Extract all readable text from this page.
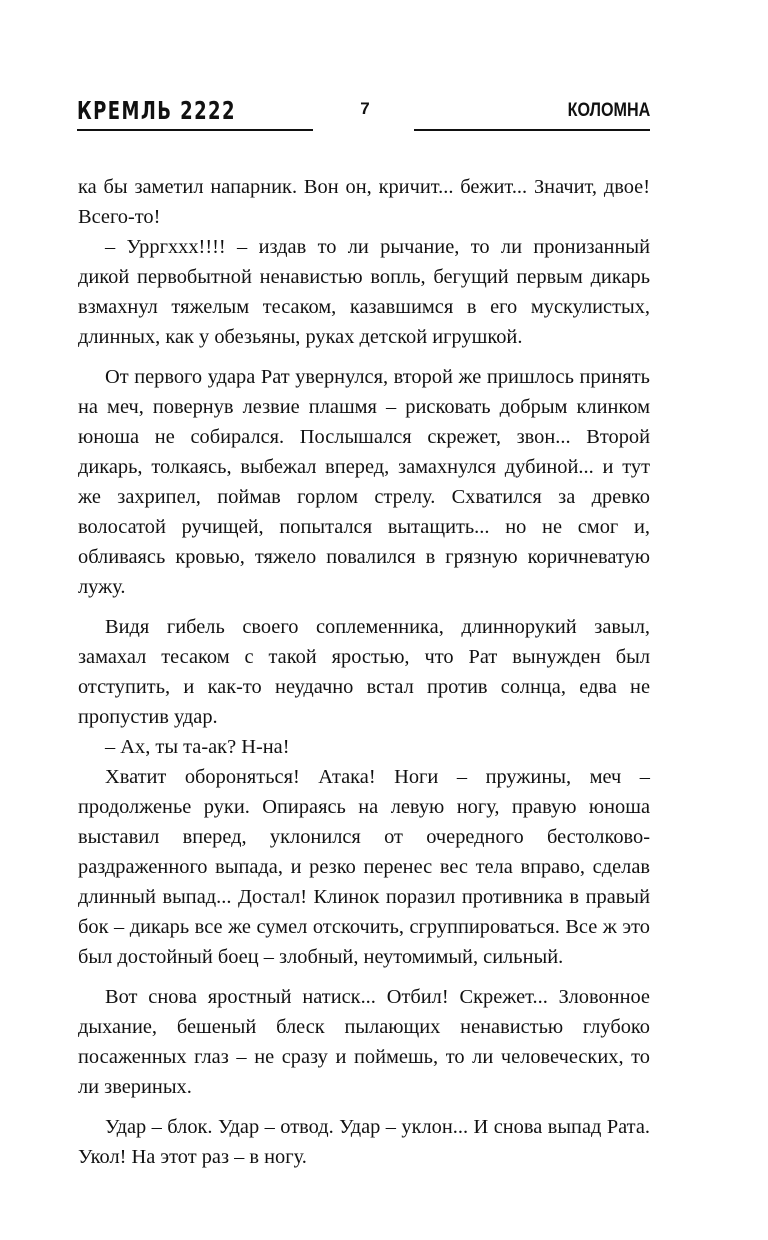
КРЕМЛЬ 2222	7	КОЛОМНА

ка бы заметил напарник. Вон он, кричит... бежит... Значит, двое! Всего-то!

– Урргххх!!!! – издав то ли рычание, то ли пронизанный дикой первобытной ненавистью вопль, бегущий первым дикарь взмахнул тяжелым тесаком, казавшимся в его мускулистых, длинных, как у обезьяны, руках детской игрушкой.

От первого удара Рат увернулся, второй же пришлось принять на меч, повернув лезвие плашмя – рисковать добрым клинком юноша не собирался. Послышался скрежет, звон... Второй дикарь, толкаясь, выбежал вперед, замахнулся дубиной... и тут же захрипел, поймав горлом стрелу. Схватился за древко волосатой ручищей, попытался вытащить... но не смог и, обливаясь кровью, тяжело повалился в грязную коричневатую лужу.

Видя гибель своего соплеменника, длиннорукий завыл, замахал тесаком с такой яростью, что Рат вынужден был отступить, и как-то неудачно встал против солнца, едва не пропустив удар.

– Ах, ты та-ак? Н-на!

Хватит обороняться! Атака! Ноги – пружины, меч – продолженье руки. Опираясь на левую ногу, правую юноша выставил вперед, уклонился от очередного бестолково-раздраженного выпада, и резко перенес вес тела вправо, сделав длинный выпад... Достал! Клинок поразил противника в правый бок – дикарь все же сумел отскочить, сгруппироваться. Все ж это был достойный боец – злобный, неутомимый, сильный.

Вот снова яростный натиск... Отбил! Скрежет... Зловонное дыхание, бешеный блеск пылающих ненавистью глубоко посаженных глаз – не сразу и поймешь, то ли человеческих, то ли звериных.

Удар – блок. Удар – отвод. Удар – уклон... И снова выпад Рата. Укол! На этот раз – в ногу.
